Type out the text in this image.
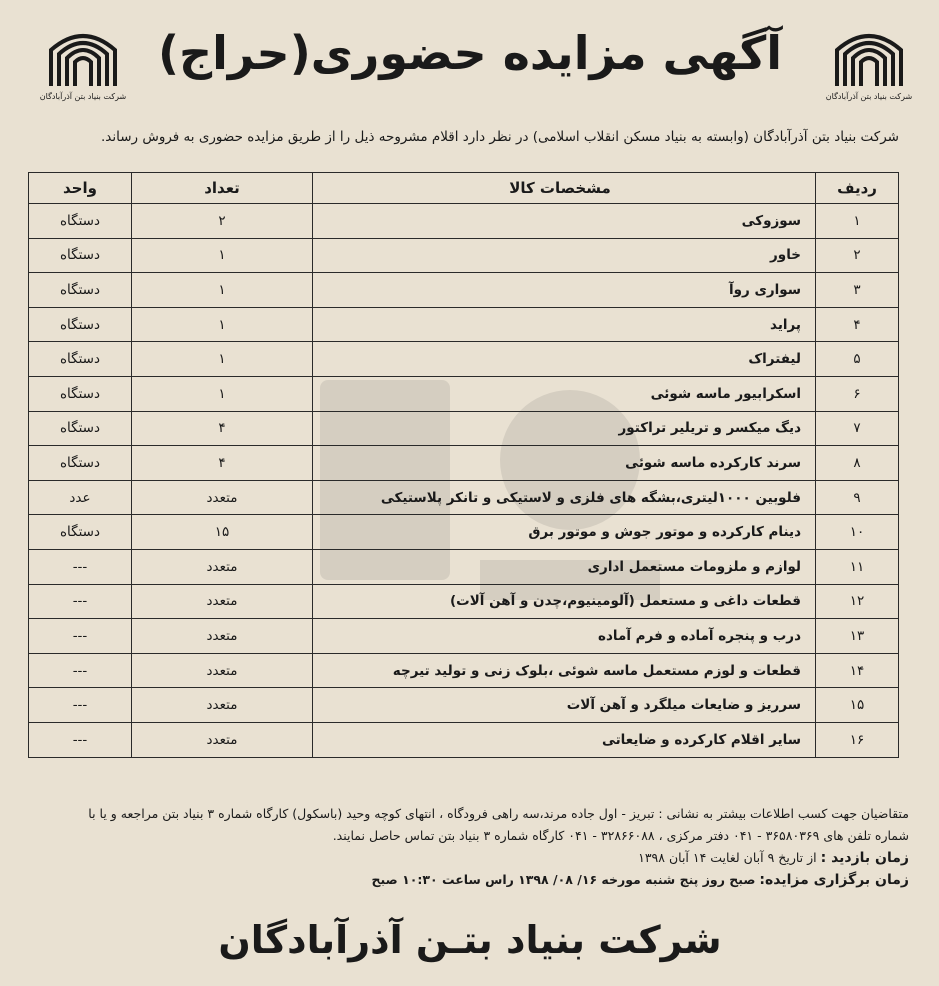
شرکت بنیاد بتن آذرآبادگان
شرکت بنیاد بتن آذرآبادگان
آگهی مزایده حضوری(حراج)
شرکت بنیاد بتن آذرآبادگان (وابسته به بنیاد مسکن انقلاب اسلامی) در نظر دارد اقلام مشروحه ذیل را از طریق مزایده حضوری به فروش رساند.
ردیف	مشخصات کالا	تعداد	واحد
۱	سوزوکی	۲	دستگاه
۲	خاور	۱	دستگاه
۳	سواری روآ	۱	دستگاه
۴	پراید	۱	دستگاه
۵	لیفتراک	۱	دستگاه
۶	اسکرابیور ماسه شوئی	۱	دستگاه
۷	دیگ میکسر و تریلیر تراکتور	۴	دستگاه
۸	سرند کارکرده ماسه شوئی	۴	دستگاه
۹	فلوبین ۱۰۰۰لیتری،بشگه های فلزی و لاستیکی و تانکر پلاستیکی	متعدد	عدد
۱۰	دینام کارکرده و موتور جوش و موتور برق	۱۵	دستگاه
۱۱	لوازم و ملزومات مستعمل اداری	متعدد	---
۱۲	قطعات داغی و مستعمل (آلومینیوم،چدن و آهن آلات)	متعدد	---
۱۳	درب و پنجره آماده و فرم آماده	متعدد	---
۱۴	قطعات و لوزم مستعمل ماسه شوئی ،بلوک زنی و تولید تیرچه	متعدد	---
۱۵	سرریز و ضایعات میلگرد و آهن آلات	متعدد	---
۱۶	سایر اقلام کارکرده و ضایعاتی	متعدد	---

متقاضیان جهت کسب اطلاعات بیشتر به نشانی : تبریز - اول جاده مرند،سه راهی فرودگاه ، انتهای کوچه وحید (باسکول) کارگاه شماره ۳ بنیاد بتن مراجعه و یا با

شماره تلفن های ۳۶۵۸۰۳۶۹ - ۰۴۱ دفتر مرکزی ، ۳۲۸۶۶۰۸۸ - ۰۴۱ کارگاه شماره ۳ بنیاد بتن تماس حاصل نمایند.

زمان بازدید : از تاریخ ۹ آبان لغایت ۱۴ آبان ۱۳۹۸

زمان برگزاری مزایده: صبح روز پنج شنبه مورخه ۱۶/ ۰۸/ ۱۳۹۸ راس ساعت ۱۰:۳۰ صبح

شرکت بنیاد بتـن آذرآبادگان
